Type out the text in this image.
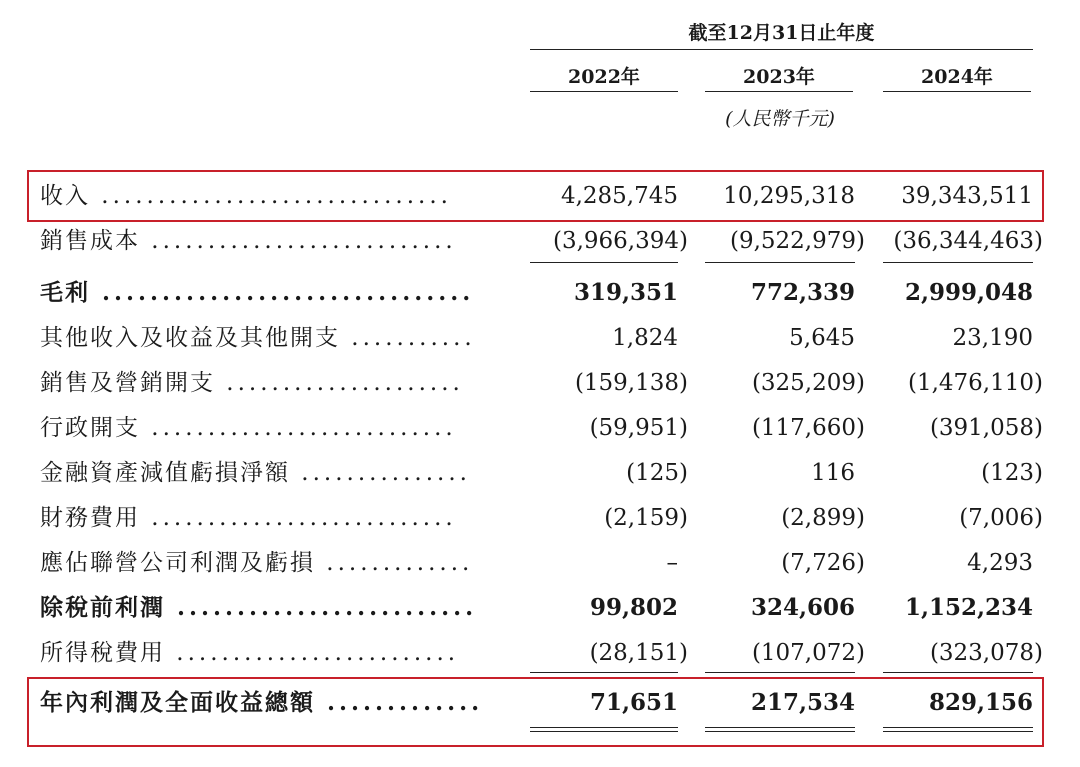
截至12月31日止年度
2022年	2023年	2024年
(人民幣千元)
收入 ...............................	4,285,745	10,295,318	39,343,511
銷售成本 ...........................	(3,966,394)	(9,522,979)	(36,344,463)
毛利 ...............................	319,351	772,339	2,999,048
其他收入及收益及其他開支 ...........	1,824	5,645	23,190
銷售及營銷開支 .....................	(159,138)	(325,209)	(1,476,110)
行政開支 ...........................	(59,951)	(117,660)	(391,058)
金融資產減值虧損淨額 ...............	(125)	116	(123)
財務費用 ...........................	(2,159)	(2,899)	(7,006)
應佔聯營公司利潤及虧損 .............	–	(7,726)	4,293
除稅前利潤 .........................	99,802	324,606	1,152,234
所得稅費用 .........................	(28,151)	(107,072)	(323,078)
年內利潤及全面收益總額 .............	71,651	217,534	829,156
